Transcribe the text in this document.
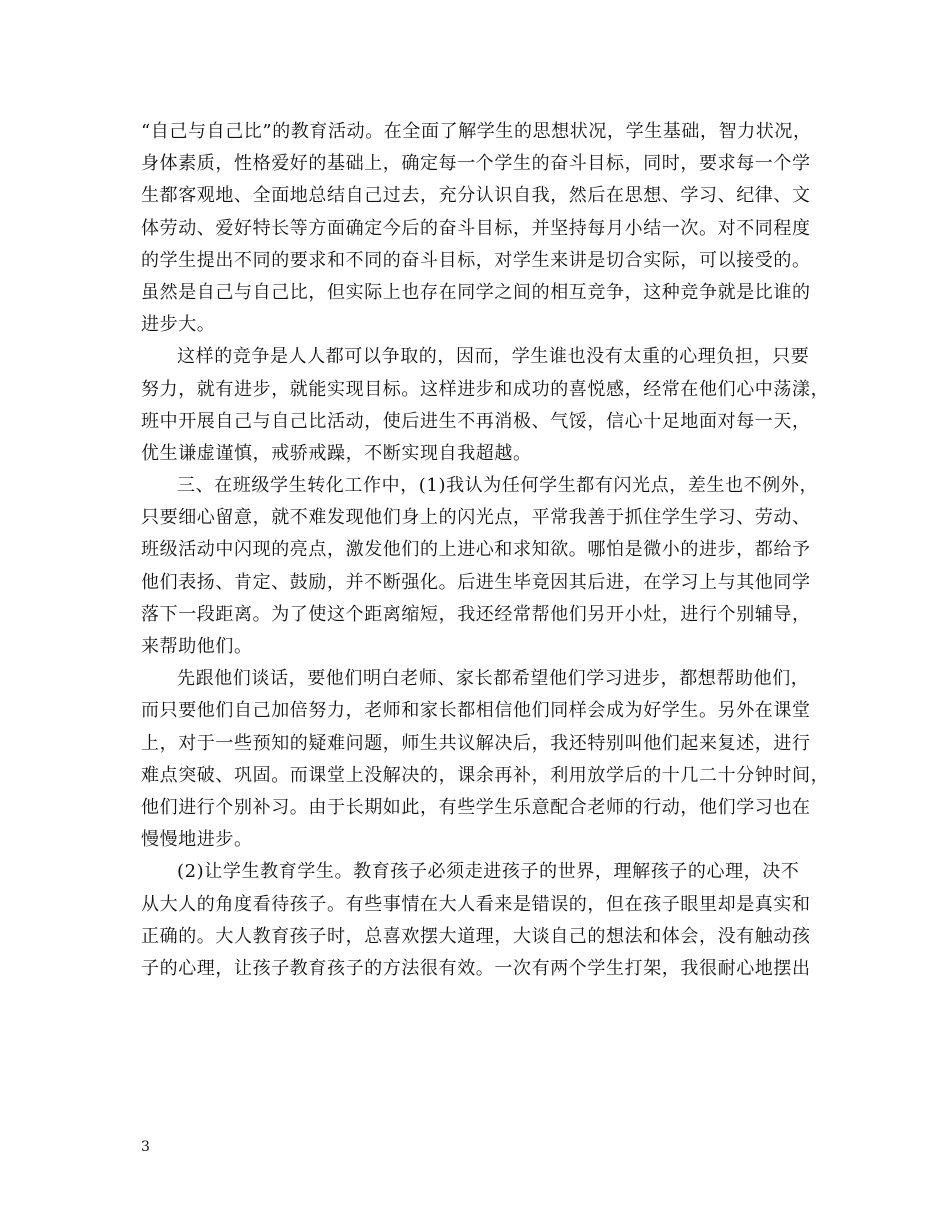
“自己与自己比”的教育活动。在全面了解学生的思想状况，学生基础，智力状况，
身体素质，性格爱好的基础上，确定每一个学生的奋斗目标，同时，要求每一个学
生都客观地、全面地总结自己过去，充分认识自我，然后在思想、学习、纪律、文
体劳动、爱好特长等方面确定今后的奋斗目标，并坚持每月小结一次。对不同程度
的学生提出不同的要求和不同的奋斗目标，对学生来讲是切合实际，可以接受的。
虽然是自己与自己比，但实际上也存在同学之间的相互竞争，这种竞争就是比谁的
进步大。
这样的竞争是人人都可以争取的，因而，学生谁也没有太重的心理负担，只要
努力，就有进步，就能实现目标。这样进步和成功的喜悦感，经常在他们心中荡漾，
班中开展自己与自己比活动，使后进生不再消极、气馁，信心十足地面对每一天，
优生谦虚谨慎，戒骄戒躁，不断实现自我超越。
三、在班级学生转化工作中，(1)我认为任何学生都有闪光点，差生也不例外，
只要细心留意，就不难发现他们身上的闪光点，平常我善于抓住学生学习、劳动、
班级活动中闪现的亮点，激发他们的上进心和求知欲。哪怕是微小的进步，都给予
他们表扬、肯定、鼓励，并不断强化。后进生毕竟因其后进，在学习上与其他同学
落下一段距离。为了使这个距离缩短，我还经常帮他们另开小灶，进行个别辅导，
来帮助他们。
先跟他们谈话，要他们明白老师、家长都希望他们学习进步，都想帮助他们，
而只要他们自己加倍努力，老师和家长都相信他们同样会成为好学生。另外在课堂
上，对于一些预知的疑难问题，师生共议解决后，我还特别叫他们起来复述，进行
难点突破、巩固。而课堂上没解决的，课余再补，利用放学后的十几二十分钟时间，
他们进行个别补习。由于长期如此，有些学生乐意配合老师的行动，他们学习也在
慢慢地进步。
(2)让学生教育学生。教育孩子必须走进孩子的世界，理解孩子的心理，决不
从大人的角度看待孩子。有些事情在大人看来是错误的，但在孩子眼里却是真实和
正确的。大人教育孩子时，总喜欢摆大道理，大谈自己的想法和体会，没有触动孩
子的心理，让孩子教育孩子的方法很有效。一次有两个学生打架，我很耐心地摆出
3
